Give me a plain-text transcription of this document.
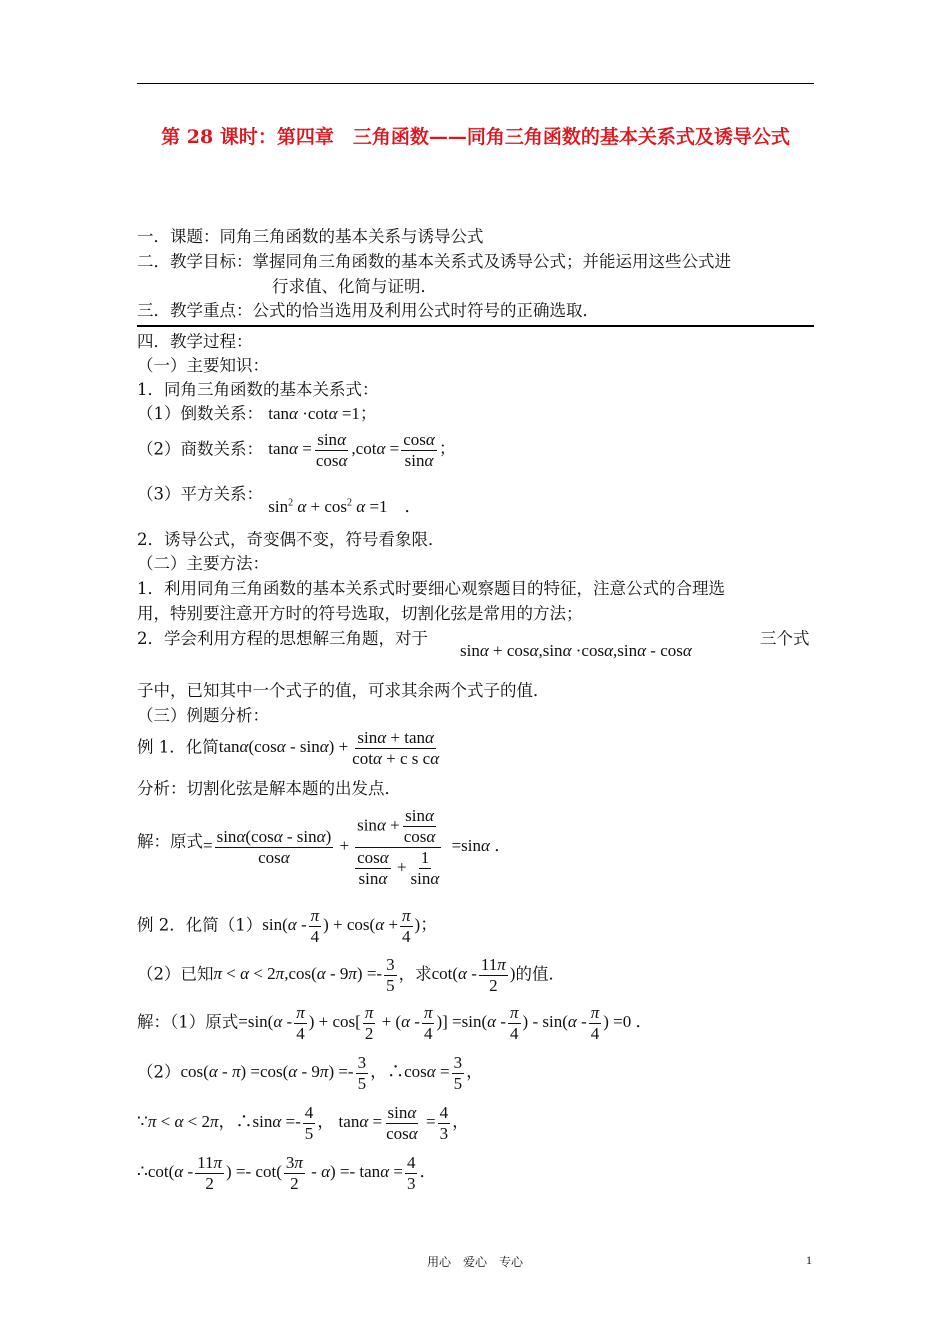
第 28 课时：第四章　三角函数——同角三角函数的基本关系式及诱导公式
一．课题：同角三角函数的基本关系与诱导公式
二．教学目标：掌握同角三角函数的基本关系式及诱导公式；并能运用这些公式进
行求值、化简与证明．
三．教学重点：公式的恰当选用及利用公式时符号的正确选取．
四．教学过程：
（一）主要知识：
1．同角三角函数的基本关系式：
（1）倒数关系： tanα ·cotα =1；
（2）商数关系： $\tan\alpha = \frac{\sin\alpha}{\cos\alpha} ,\cot\alpha = \frac{\cos\alpha}{\sin\alpha}$ ；
（3）平方关系： $\sin^2 \alpha + \cos^2 \alpha =1$　．
2．诱导公式，奇变偶不变，符号看象限．
（二）主要方法：
1．利用同角三角函数的基本关系式时要细心观察题目的特征，注意公式的合理选
用，特别要注意开方时的符号选取，切割化弦是常用的方法；
2．学会利用方程的思想解三角题，对于
sinα + cosα,sinα ·cosα,sinα - cosα
三个式
子中，已知其中一个式子的值，可求其余两个式子的值．
（三）例题分析：
例 1．化简$\tan\alpha(\cos\alpha - \sin\alpha) + \frac{\sin\alpha + \tan\alpha}{\text{cotα + c s cα}}$
分析：切割化弦是解本题的出发点．
解：原式= $\frac{\sin\alpha(\cos\alpha - \sin\alpha)}{\cos\alpha} + \frac{\sin\alpha + \frac{\sin\alpha}{\cos\alpha}}{\frac{\cos\alpha}{\sin\alpha} + \frac{1}{\sin\alpha}} =\sin\alpha$ ．
例 2．化简$(1)\sin(\alpha - \frac{\pi}{4}$ ) + $\cos(\alpha + \frac{\pi}{4}$ )；
（2）已知$\pi < \alpha < 2\pi,\cos(\alpha - 9\pi) =- \frac{3}{5}$ ，求$\cot(\alpha - \frac{11\pi}{2}$ )的值．
解：（1）原式$=\sin(\alpha - \frac{\pi}{4}$ ) + $\cos[ \frac{\pi}{2} + (\alpha - \frac{\pi}{4}$ )] $=\sin(\alpha - \frac{\pi}{4}$ ) - $\sin(\alpha - \frac{\pi}{4}$ ) =0 ．
$(2)\cos(\alpha - \pi) =\cos(\alpha - 9\pi) =- \frac{3}{5}$ ，∴cosα = $\frac{3}{5}$ ，
∵π < α < 2π，∴sinα =- $\frac{4}{5}$ ， $\tan\alpha = \frac{\sin\alpha}{\cos\alpha} = \frac{4}{3}$ ，
∴cot(α - $\frac{11\pi}{2}$ ) =- $\cot( \frac{3\pi}{2} - \alpha) =- \tan\alpha = \frac{4}{3}$ ．
用心　爱心　专心	1
